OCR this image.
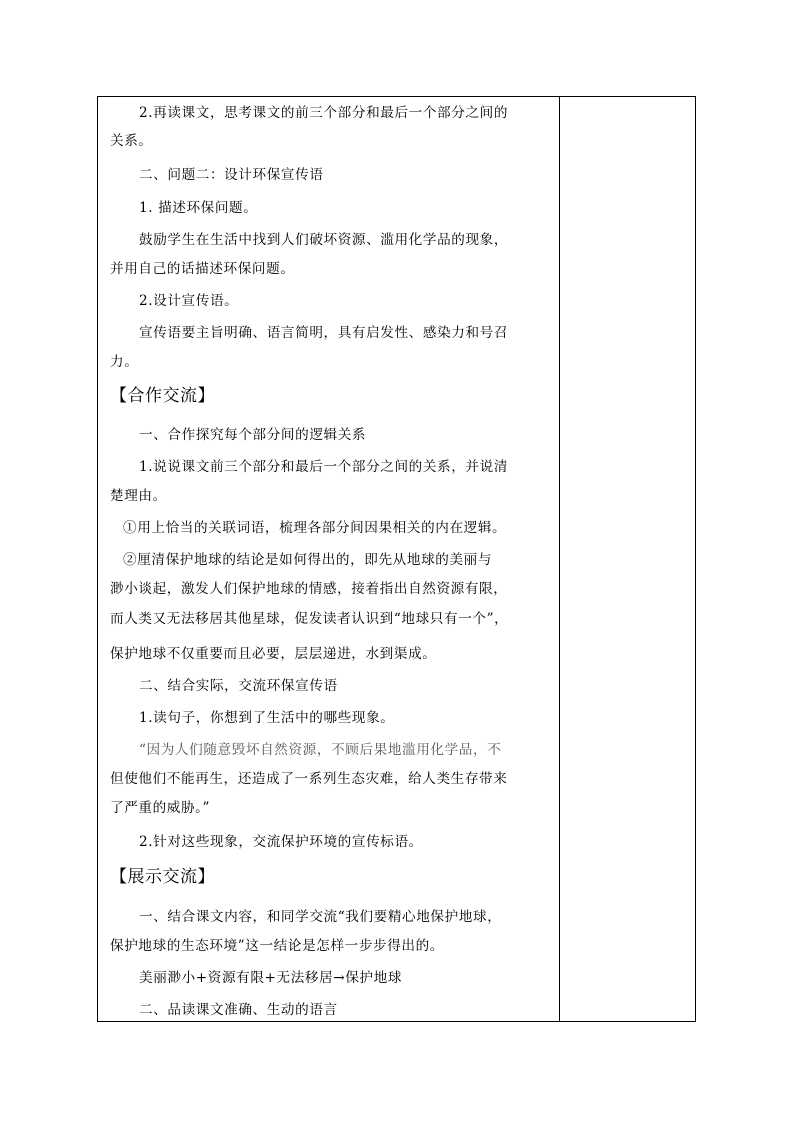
2.再读课文，思考课文的前三个部分和最后一个部分之间的
关系。
二、问题二：设计环保宣传语
1. 描述环保问题。
鼓励学生在生活中找到人们破坏资源、滥用化学品的现象，
并用自己的话描述环保问题。
2.设计宣传语。
宣传语要主旨明确、语言简明，具有启发性、感染力和号召
力。
【合作交流】
一、合作探究每个部分间的逻辑关系
1.说说课文前三个部分和最后一个部分之间的关系，并说清
楚理由。
①用上恰当的关联词语，梳理各部分间因果相关的内在逻辑。
②厘清保护地球的结论是如何得出的，即先从地球的美丽与
渺小谈起，激发人们保护地球的情感，接着指出自然资源有限，
而人类又无法移居其他星球，促发读者认识到“地球只有一个”，
保护地球不仅重要而且必要，层层递进，水到渠成。
二、结合实际，交流环保宣传语
1.读句子，你想到了生活中的哪些现象。
“因为人们随意毁坏自然资源，不顾后果地滥用化学品，不
但使他们不能再生，还造成了一系列生态灾难，给人类生存带来
了严重的威胁。”
2.针对这些现象，交流保护环境的宣传标语。
【展示交流】
一、结合课文内容，和同学交流“我们要精心地保护地球，
保护地球的生态环境”这一结论是怎样一步步得出的。
美丽渺小+资源有限+无法移居→保护地球
二、品读课文准确、生动的语言
